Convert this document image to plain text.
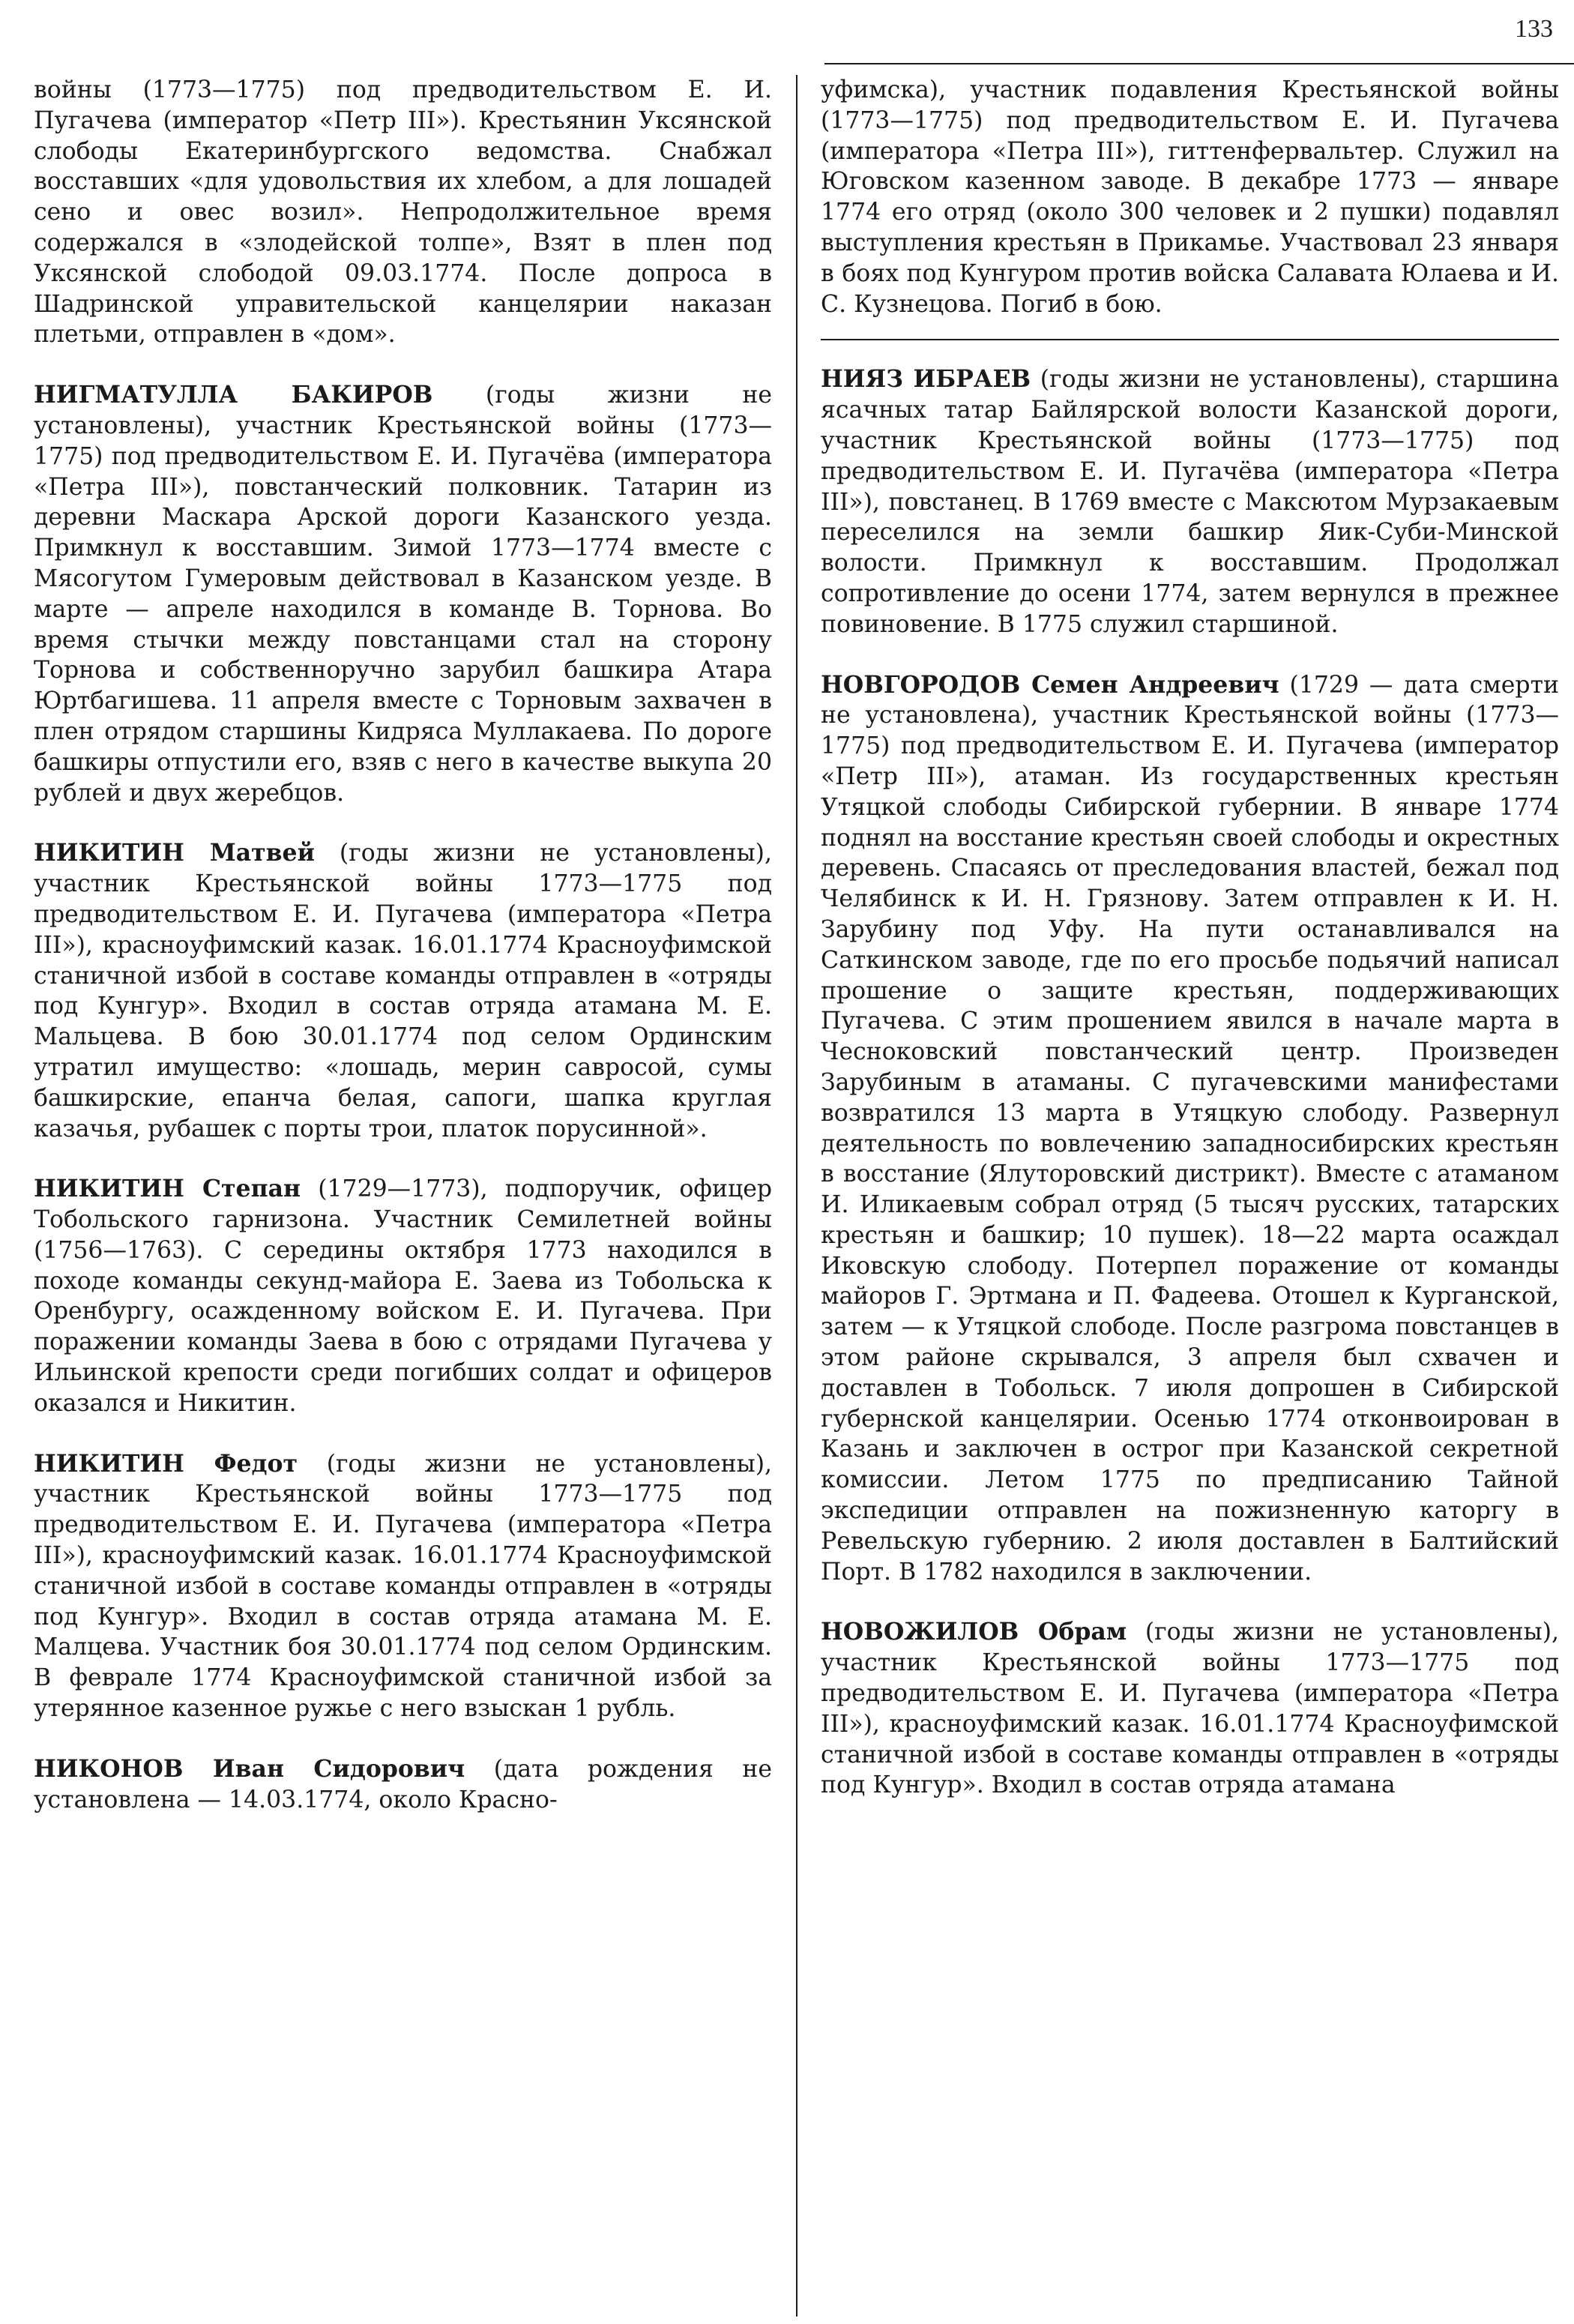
133

войны (1773—1775) под предводительством Е. И. Пугачева (император «Петр III»). Крестьянин Уксянской слободы Екатеринбургского ведомства. Снабжал восставших «для удовольствия их хлебом, а для лошадей сено и овес возил». Непродолжительное время содержался в «злодейской толпе», Взят в плен под Уксянской слободой 09.03.1774. После допроса в Шадринской управительской канцелярии наказан плетьми, отправлен в «дом».

НИГМАТУЛЛА БАКИРОВ (годы жизни не установлены), участник Крестьянской войны (1773—1775) под предводительством Е. И. Пугачёва (императора «Петра III»), повстанческий полковник. Татарин из деревни Маскара Арской дороги Казанского уезда. Примкнул к восставшим. Зимой 1773—1774 вместе с Мясогутом Гумеровым действовал в Казанском уезде. В марте — апреле находился в команде В. Торнова. Во время стычки между повстанцами стал на сторону Торнова и собственноручно зарубил башкира Атара Юртбагишева. 11 апреля вместе с Торновым захвачен в плен отрядом старшины Кидряса Муллакаева. По дороге башкиры отпустили его, взяв с него в качестве выкупа 20 рублей и двух жеребцов.

НИКИТИН Матвей (годы жизни не установлены), участник Крестьянской войны 1773—1775 под предводительством Е. И. Пугачева (императора «Петра III»), красноуфимский казак. 16.01.1774 Красноуфимской станичной избой в составе команды отправлен в «отряды под Кунгур». Входил в состав отряда атамана М. Е. Мальцева. В бою 30.01.1774 под селом Ординским утратил имущество: «лошадь, мерин савросой, сумы башкирские, епанча белая, сапоги, шапка круглая казачья, рубашек с порты трои, платок порусинной».

НИКИТИН Степан (1729—1773), подпоручик, офицер Тобольского гарнизона. Участник Семилетней войны (1756—1763). С середины октября 1773 находился в походе команды секунд-майора Е. Заева из Тобольска к Оренбургу, осажденному войском Е. И. Пугачева. При поражении команды Заева в бою с отрядами Пугачева у Ильинской крепости среди погибших солдат и офицеров оказался и Никитин.

НИКИТИН Федот (годы жизни не установлены), участник Крестьянской войны 1773—1775 под предводительством Е. И. Пугачева (императора «Петра III»), красноуфимский казак. 16.01.1774 Красноуфимской станичной избой в составе команды отправлен в «отряды под Кунгур». Входил в состав отряда атамана М. Е. Малцева. Участник боя 30.01.1774 под селом Ординским. В феврале 1774 Красноуфимской станичной избой за утерянное казенное ружье с него взыскан 1 рубль.

НИКОНОВ Иван Сидорович (дата рождения не установлена — 14.03.1774, около Красно-

уфимска), участник подавления Крестьянской войны (1773—1775) под предводительством Е. И. Пугачева (императора «Петра III»), гиттенфервальтер. Служил на Юговском казенном заводе. В декабре 1773 — январе 1774 его отряд (около 300 человек и 2 пушки) подавлял выступления крестьян в Прикамье. Участвовал 23 января в боях под Кунгуром против войска Салавата Юлаева и И. С. Кузнецова. Погиб в бою.

НИЯЗ ИБРАЕВ (годы жизни не установлены), старшина ясачных татар Байлярской волости Казанской дороги, участник Крестьянской войны (1773—1775) под предводительством Е. И. Пугачёва (императора «Петра III»), повстанец. В 1769 вместе с Максютом Мурзакаевым переселился на земли башкир Яик-Суби-Минской волости. Примкнул к восставшим. Продолжал сопротивление до осени 1774, затем вернулся в прежнее повиновение. В 1775 служил старшиной.

НОВГОРОДОВ Семен Андреевич (1729 — дата смерти не установлена), участник Крестьянской войны (1773—1775) под предводительством Е. И. Пугачева (император «Петр III»), атаман. Из государственных крестьян Утяцкой слободы Сибирской губернии. В январе 1774 поднял на восстание крестьян своей слободы и окрестных деревень. Спасаясь от преследования властей, бежал под Челябинск к И. Н. Грязнову. Затем отправлен к И. Н. Зарубину под Уфу. На пути останавливался на Саткинском заводе, где по его просьбе подьячий написал прошение о защите крестьян, поддерживающих Пугачева. С этим прошением явился в начале марта в Чесноковский повстанческий центр. Произведен Зарубиным в атаманы. С пугачевскими манифестами возвратился 13 марта в Утяцкую слободу. Развернул деятельность по вовлечению западносибирских крестьян в восстание (Ялуторовский дистрикт). Вместе с атаманом И. Иликаевым собрал отряд (5 тысяч русских, татарских крестьян и башкир; 10 пушек). 18—22 марта осаждал Иковскую слободу. Потерпел поражение от команды майоров Г. Эртмана и П. Фадеева. Отошел к Курганской, затем — к Утяцкой слободе. После разгрома повстанцев в этом районе скрывался, 3 апреля был схвачен и доставлен в Тобольск. 7 июля допрошен в Сибирской губернской канцелярии. Осенью 1774 отконвоирован в Казань и заключен в острог при Казанской секретной комиссии. Летом 1775 по предписанию Тайной экспедиции отправлен на пожизненную каторгу в Ревельскую губернию. 2 июля доставлен в Балтийский Порт. В 1782 находился в заключении.

НОВОЖИЛОВ Обрам (годы жизни не установлены), участник Крестьянской войны 1773—1775 под предводительством Е. И. Пугачева (императора «Петра III»), красноуфимский казак. 16.01.1774 Красноуфимской станичной избой в составе команды отправлен в «отряды под Кунгур». Входил в состав отряда атамана
